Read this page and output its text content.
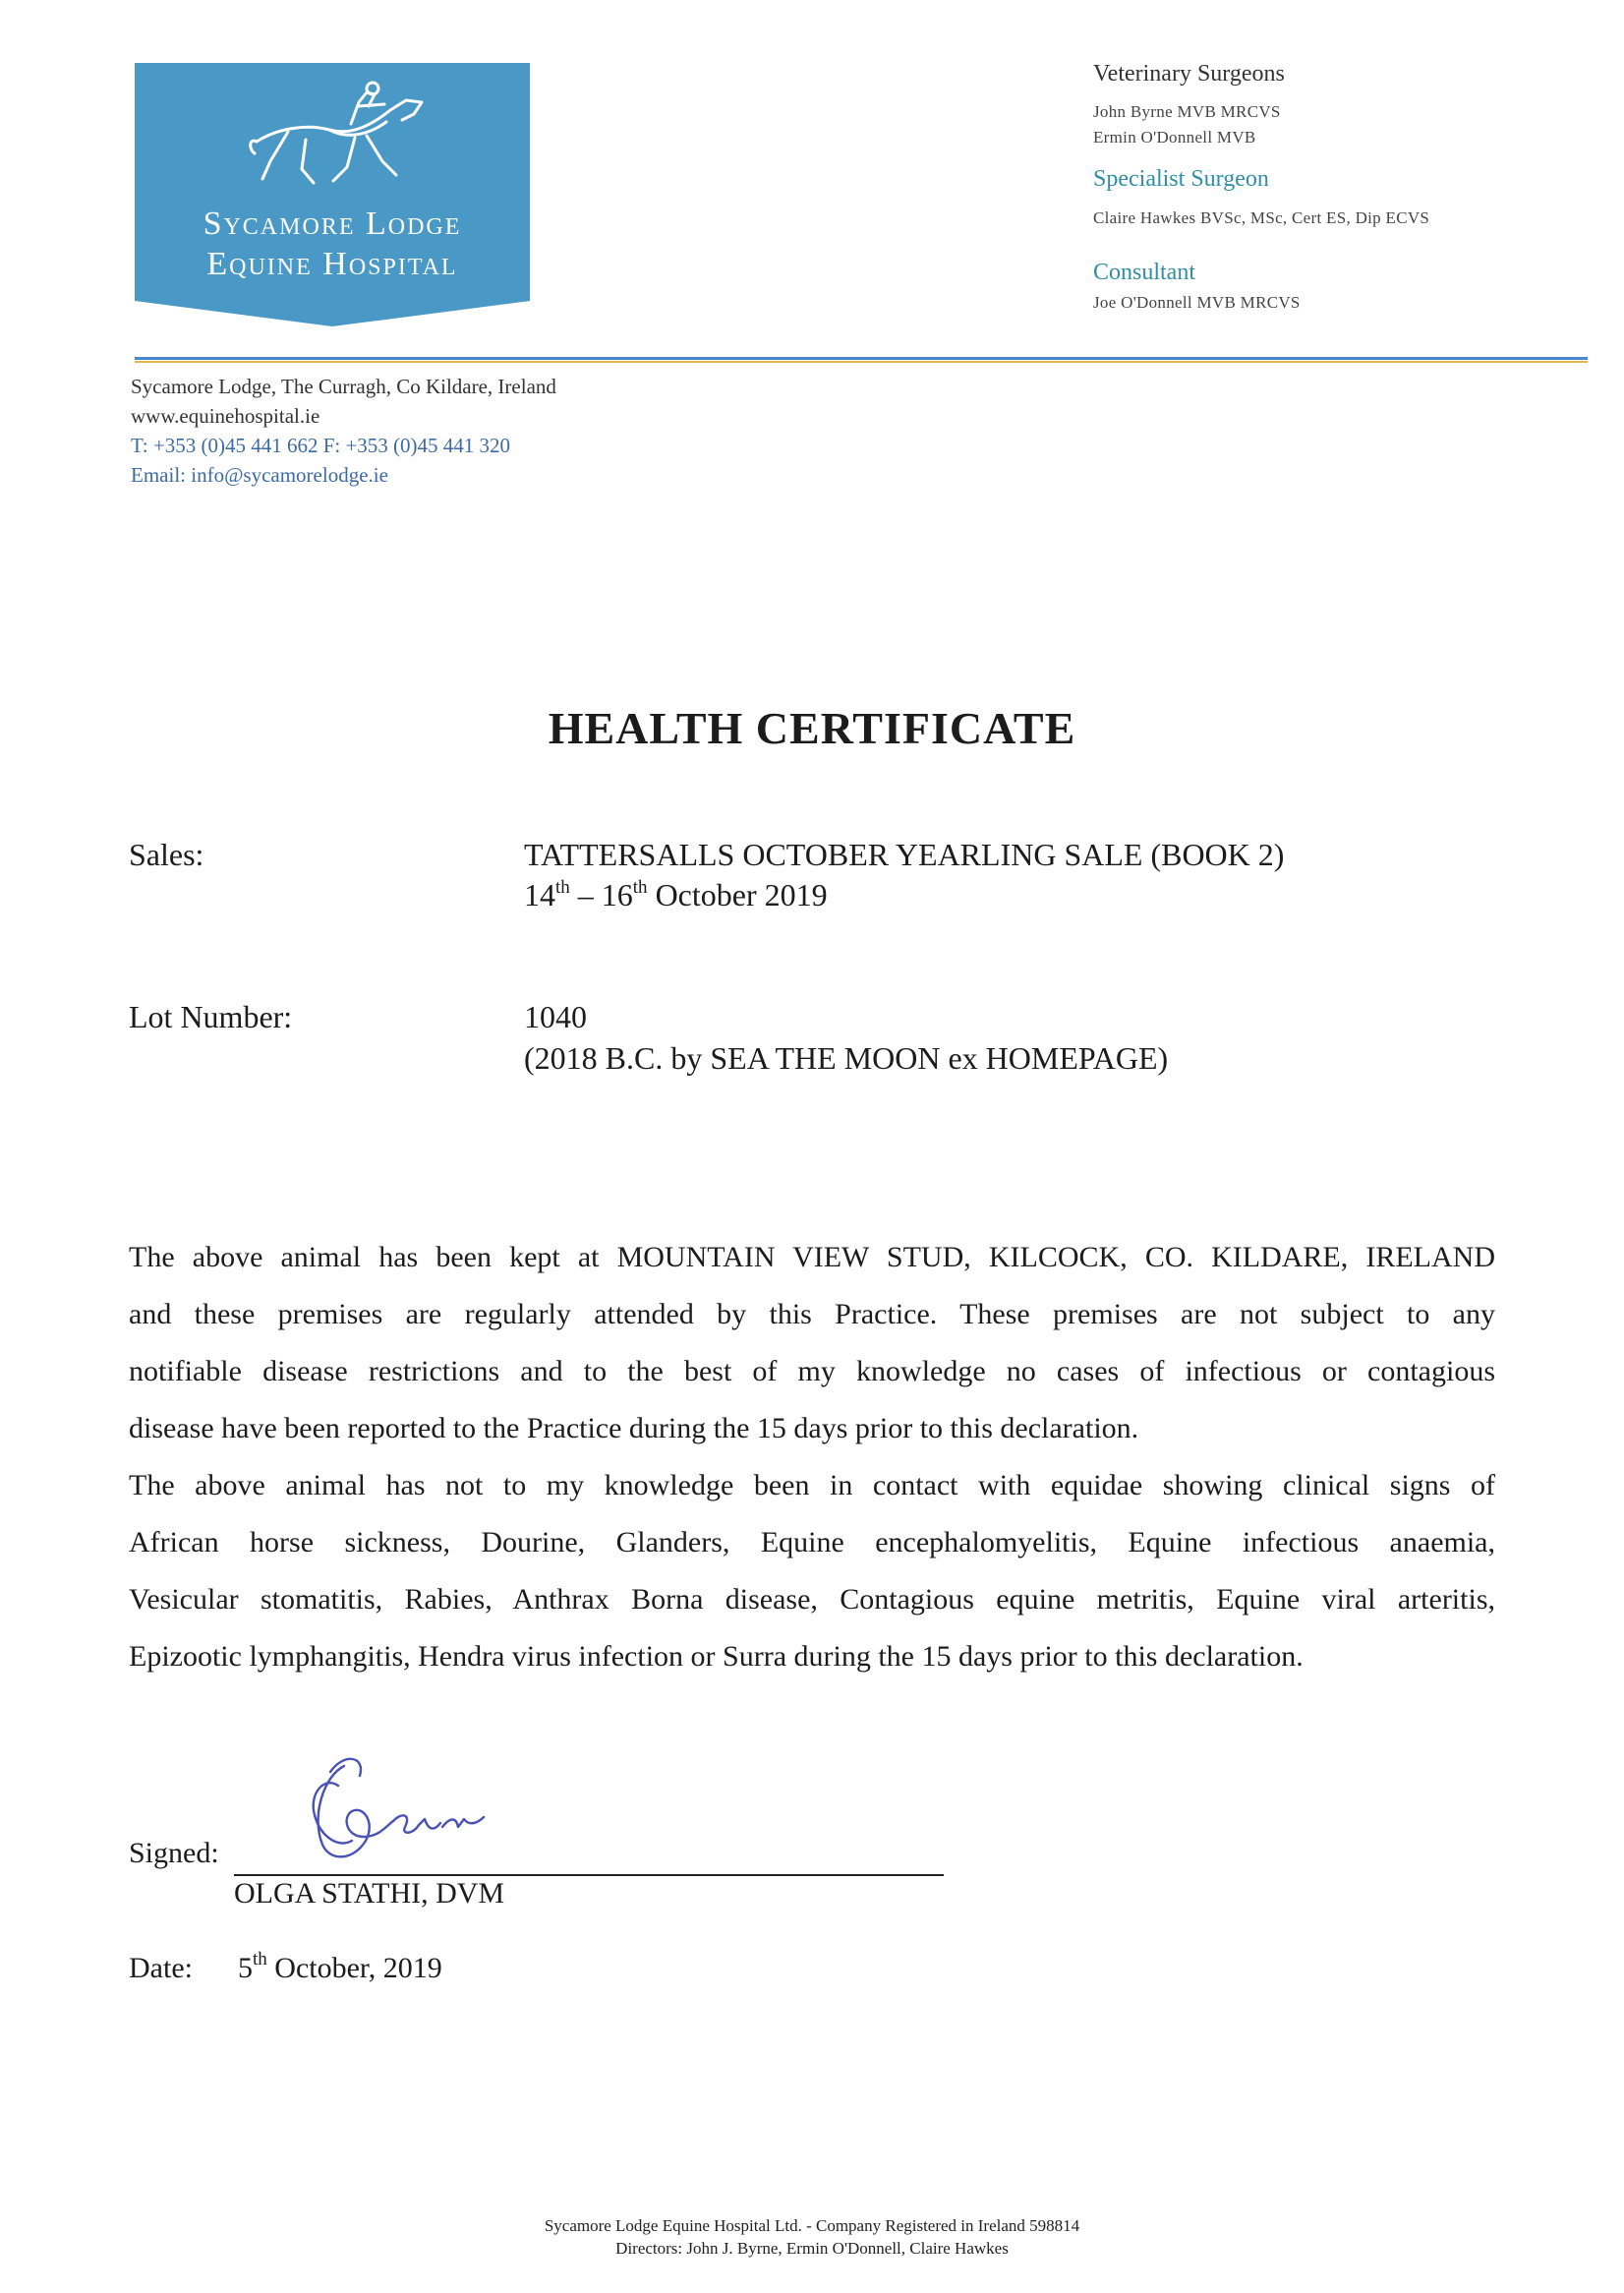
Sycamore Lodge
Equine Hospital
Veterinary Surgeons
John Byrne MVB MRCVS
Ermin O'Donnell MVB
Specialist Surgeon
Claire Hawkes BVSc, MSc, Cert ES, Dip ECVS
Consultant
Joe O'Donnell MVB MRCVS
Sycamore Lodge, The Curragh, Co Kildare, Ireland
www.equinehospital.ie
T: +353 (0)45 441 662 F: +353 (0)45 441 320
Email: info@sycamorelodge.ie
HEALTH CERTIFICATE
Sales:	TATTERSALLS OCTOBER YEARLING SALE (BOOK 2)
14th – 16th October 2019
Lot Number:	1040
(2018 B.C. by SEA THE MOON ex HOMEPAGE)
The above animal has been kept at MOUNTAIN VIEW STUD, KILCOCK, CO. KILDARE, IRELAND
and these premises are regularly attended by this Practice. These premises are not subject to any
notifiable disease restrictions and to the best of my knowledge no cases of infectious or contagious
disease have been reported to the Practice during the 15 days prior to this declaration.
The above animal has not to my knowledge been in contact with equidae showing clinical signs of
African horse sickness, Dourine, Glanders, Equine encephalomyelitis, Equine infectious anaemia,
Vesicular stomatitis, Rabies, Anthrax Borna disease, Contagious equine metritis, Equine viral arteritis,
Epizootic lymphangitis, Hendra virus infection or Surra during the 15 days prior to this declaration.
Signed:
OLGA STATHI, DVM
Date: 5th October, 2019
Sycamore Lodge Equine Hospital Ltd. - Company Registered in Ireland 598814
Directors: John J. Byrne, Ermin O'Donnell, Claire Hawkes
